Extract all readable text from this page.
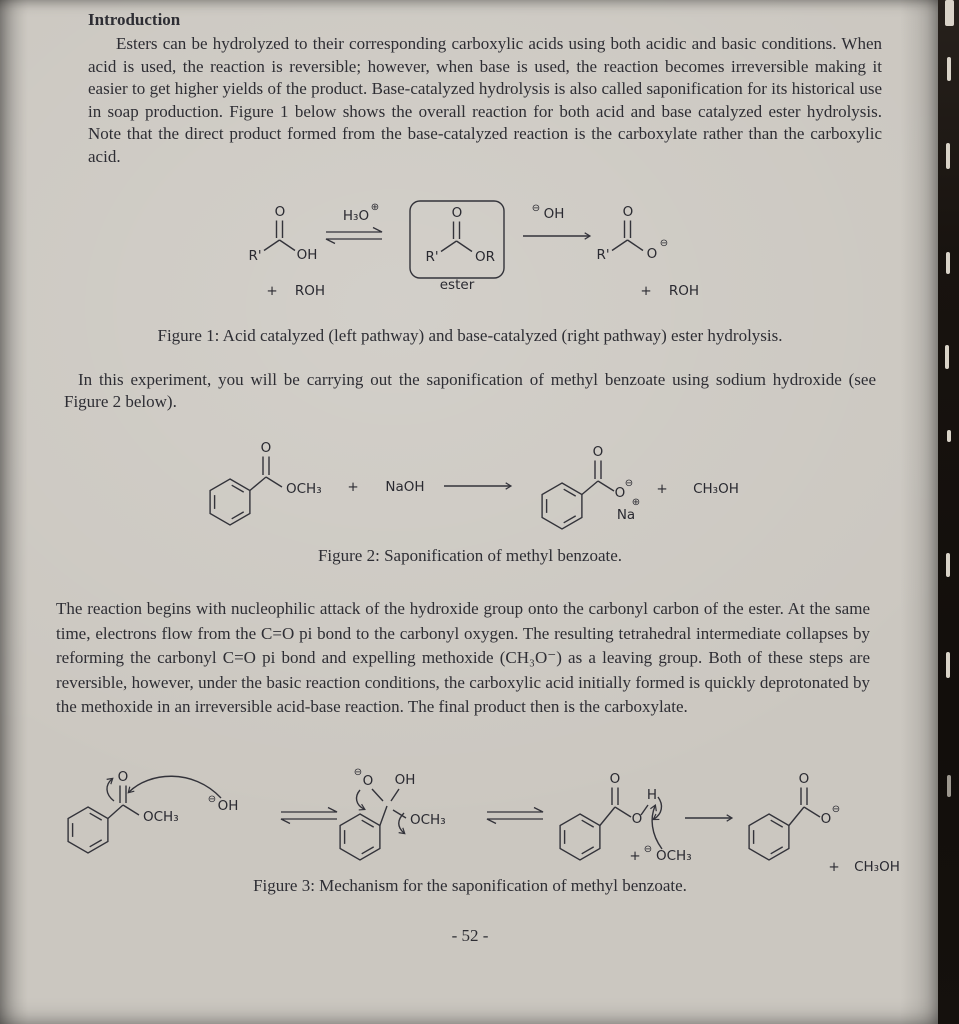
Introduction
Esters can be hydrolyzed to their corresponding carboxylic acids using both acidic and basic conditions. When acid is used, the reaction is reversible; however, when base is used, the reaction becomes irreversible making it easier to get higher yields of the product. Base-catalyzed hydrolysis is also called saponification for its historical use in soap production. Figure 1 below shows the overall reaction for both acid and base catalyzed ester hydrolysis. Note that the direct product formed from the base-catalyzed reaction is the carboxylate rather than the carboxylic acid.
O
R'	OH
+ ROH
H₃O
⊕	O
R'	OR
ester
⊖ OH	O
R'	O
⊖
+ ROH
Figure 1: Acid catalyzed (left pathway) and base-catalyzed (right pathway) ester hydrolysis.
In this experiment, you will be carrying out the saponification of methyl benzoate using sodium hydroxide (see Figure 2 below).
O
OCH₃ + NaOH
O
O
⊖
⊕
Na
+ CH₃OH
Figure 2: Saponification of methyl benzoate.
The reaction begins with nucleophilic attack of the hydroxide group onto the carbonyl carbon of the ester. At the same time, electrons flow from the C=O pi bond to the carbonyl oxygen. The resulting tetrahedral intermediate collapses by reforming the carbonyl C=O pi bond and expelling methoxide (CH₃O⁻) as a leaving group. Both of these steps are reversible, however, under the basic reaction conditions, the carboxylic acid initially formed is quickly deprotonated by the methoxide in an irreversible acid-base reaction. The final product then is the carboxylate.
O
OCH₃
⊖ OH
O
⊖ OH
OCH₃
O
O
H
+ ⊖ OCH₃
O
O
⊖
+ CH₃OH
Figure 3: Mechanism for the saponification of methyl benzoate.
- 52 -
